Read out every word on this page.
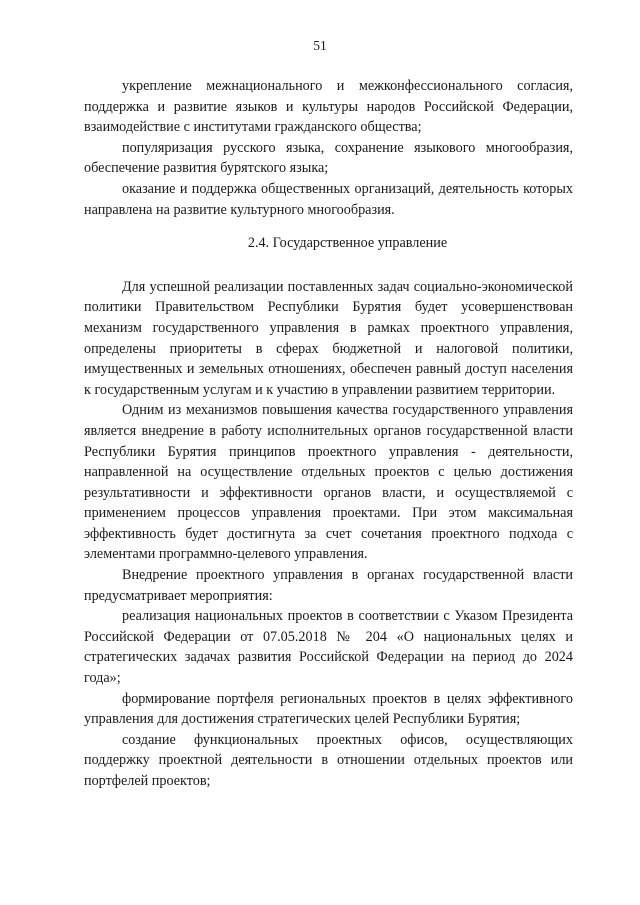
51

укрепление межнационального и межконфессионального согласия, поддержка и развитие языков и культуры народов Российской Федерации, взаимодействие с институтами гражданского общества;

популяризация русского языка, сохранение языкового многообразия, обеспечение развития бурятского языка;

оказание и поддержка общественных организаций, деятельность которых направлена на развитие культурного многообразия.

2.4. Государственное управление

Для успешной реализации поставленных задач социально-экономической политики Правительством Республики Бурятия будет усовершенствован механизм государственного управления в рамках проектного управления, определены приоритеты в сферах бюджетной и налоговой политики, имущественных и земельных отношениях, обеспечен равный доступ населения к государственным услугам и к участию в управлении развитием территории.

Одним из механизмов повышения качества государственного управления является внедрение в работу исполнительных органов государственной власти Республики Бурятия принципов проектного управления - деятельности, направленной на осуществление отдельных проектов с целью достижения результативности и эффективности органов власти, и осуществляемой с применением процессов управления проектами. При этом максимальная эффективность будет достигнута за счет сочетания проектного подхода с элементами программно-целевого управления.

Внедрение проектного управления в органах государственной власти предусматривает мероприятия:

реализация национальных проектов в соответствии с Указом Президента Российской Федерации от 07.05.2018 № 204 «О национальных целях и стратегических задачах развития Российской Федерации на период до 2024 года»;

формирование портфеля региональных проектов в целях эффективного управления для достижения стратегических целей Республики Бурятия;

создание функциональных проектных офисов, осуществляющих поддержку проектной деятельности в отношении отдельных проектов или портфелей проектов;
